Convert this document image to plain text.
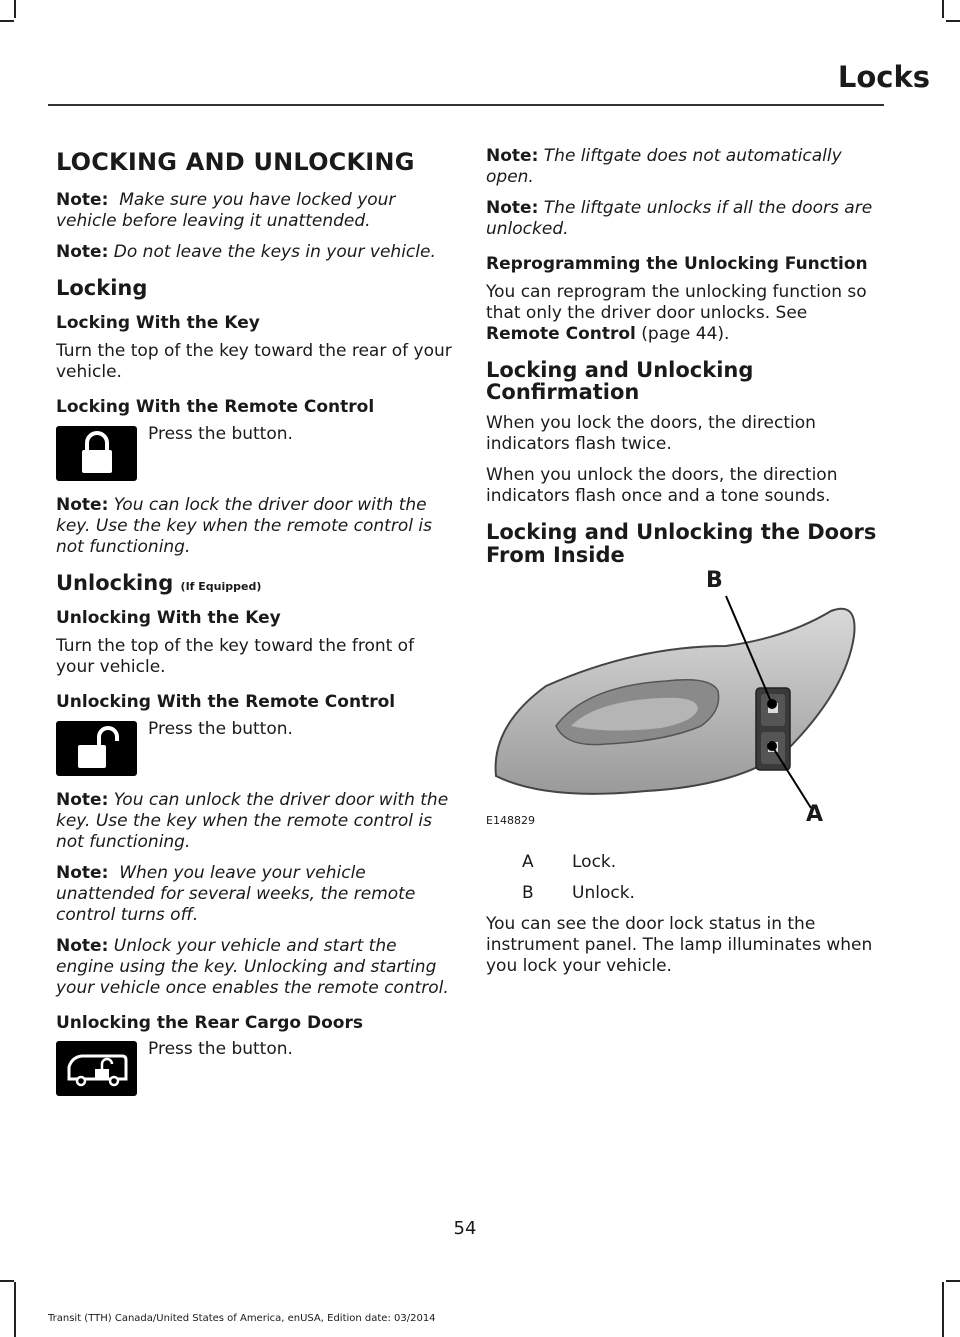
Locks
LOCKING AND UNLOCKING

Note: Make sure you have locked your vehicle before leaving it unattended.

Note: Do not leave the keys in your vehicle.

Locking
Locking With the Key

Turn the top of the key toward the rear of your vehicle.

Locking With the Remote Control

Press the button.

Note: You can lock the driver door with the key. Use the key when the remote control is not functioning.

Unlocking (If Equipped)
Unlocking With the Key

Turn the top of the key toward the front of your vehicle.

Unlocking With the Remote Control

Press the button.

Note: You can unlock the driver door with the key. Use the key when the remote control is not functioning.

Note: When you leave your vehicle unattended for several weeks, the remote control turns off.

Note: Unlock your vehicle and start the engine using the key. Unlocking and starting your vehicle once enables the remote control.

Unlocking the Rear Cargo Doors

Press the button.

Note: The liftgate does not automatically open.

Note: The liftgate unlocks if all the doors are unlocked.

Reprogramming the Unlocking Function

You can reprogram the unlocking function so that only the driver door unlocks. See Remote Control (page 44).

Locking and Unlocking Confirmation

When you lock the doors, the direction indicators flash twice.

When you unlock the doors, the direction indicators flash once and a tone sounds.

Locking and Unlocking the Doors From Inside
B
A
E148829
A	Lock.
B	Unlock.

You can see the door lock status in the instrument panel. The lamp illuminates when you lock your vehicle.

54
Transit (TTH) Canada/United States of America, enUSA, Edition date: 03/2014
